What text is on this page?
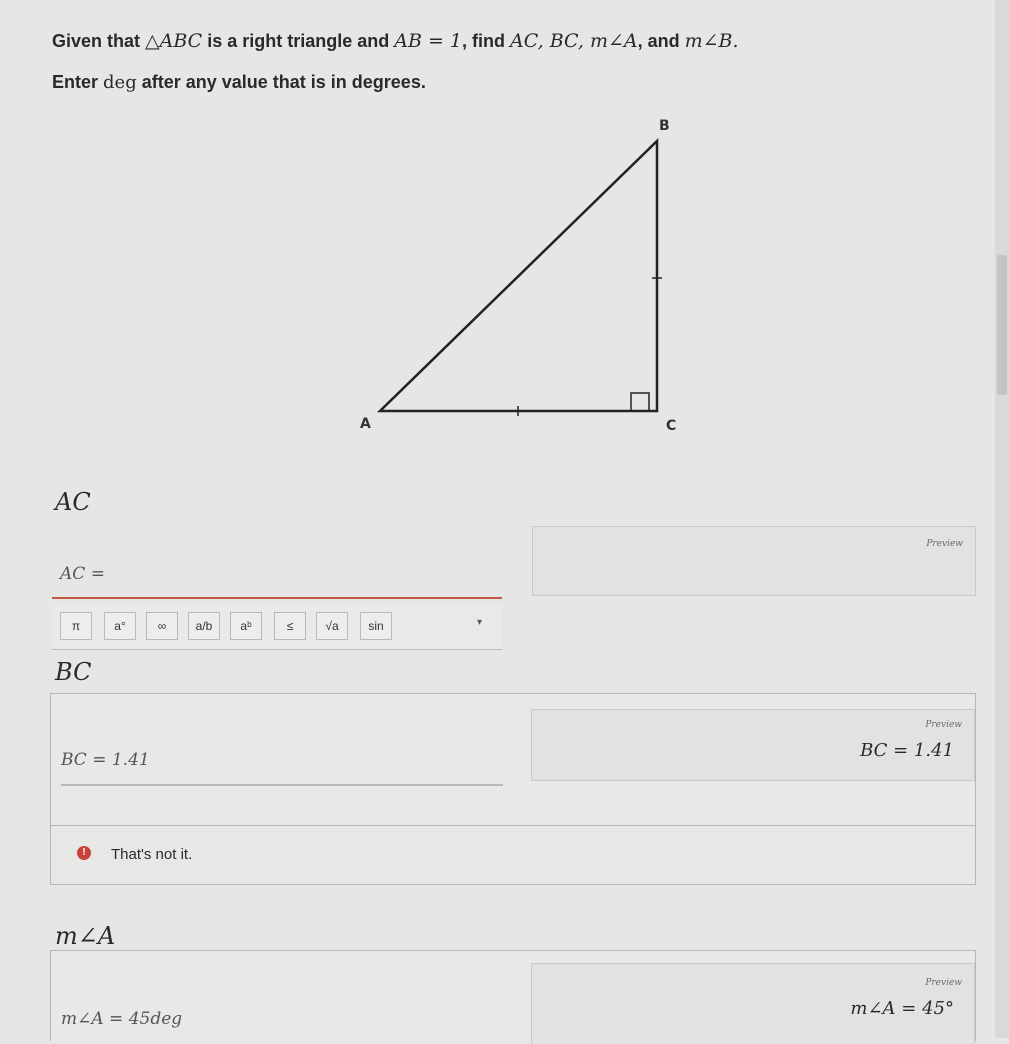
Given that △ABC is a right triangle and AB = 1, find AC, BC, m∠A, and m∠B.
Enter deg after any value that is in degrees.
B
A	C
AC
AC =
Preview
π	a°	∞	a/b	aᵇ	≤	√a	sin	▾
BC
BC = 1.41
Preview
BC = 1.41
!	That's not it.
m∠A
m∠A = 45deg
Preview
m∠A = 45°
